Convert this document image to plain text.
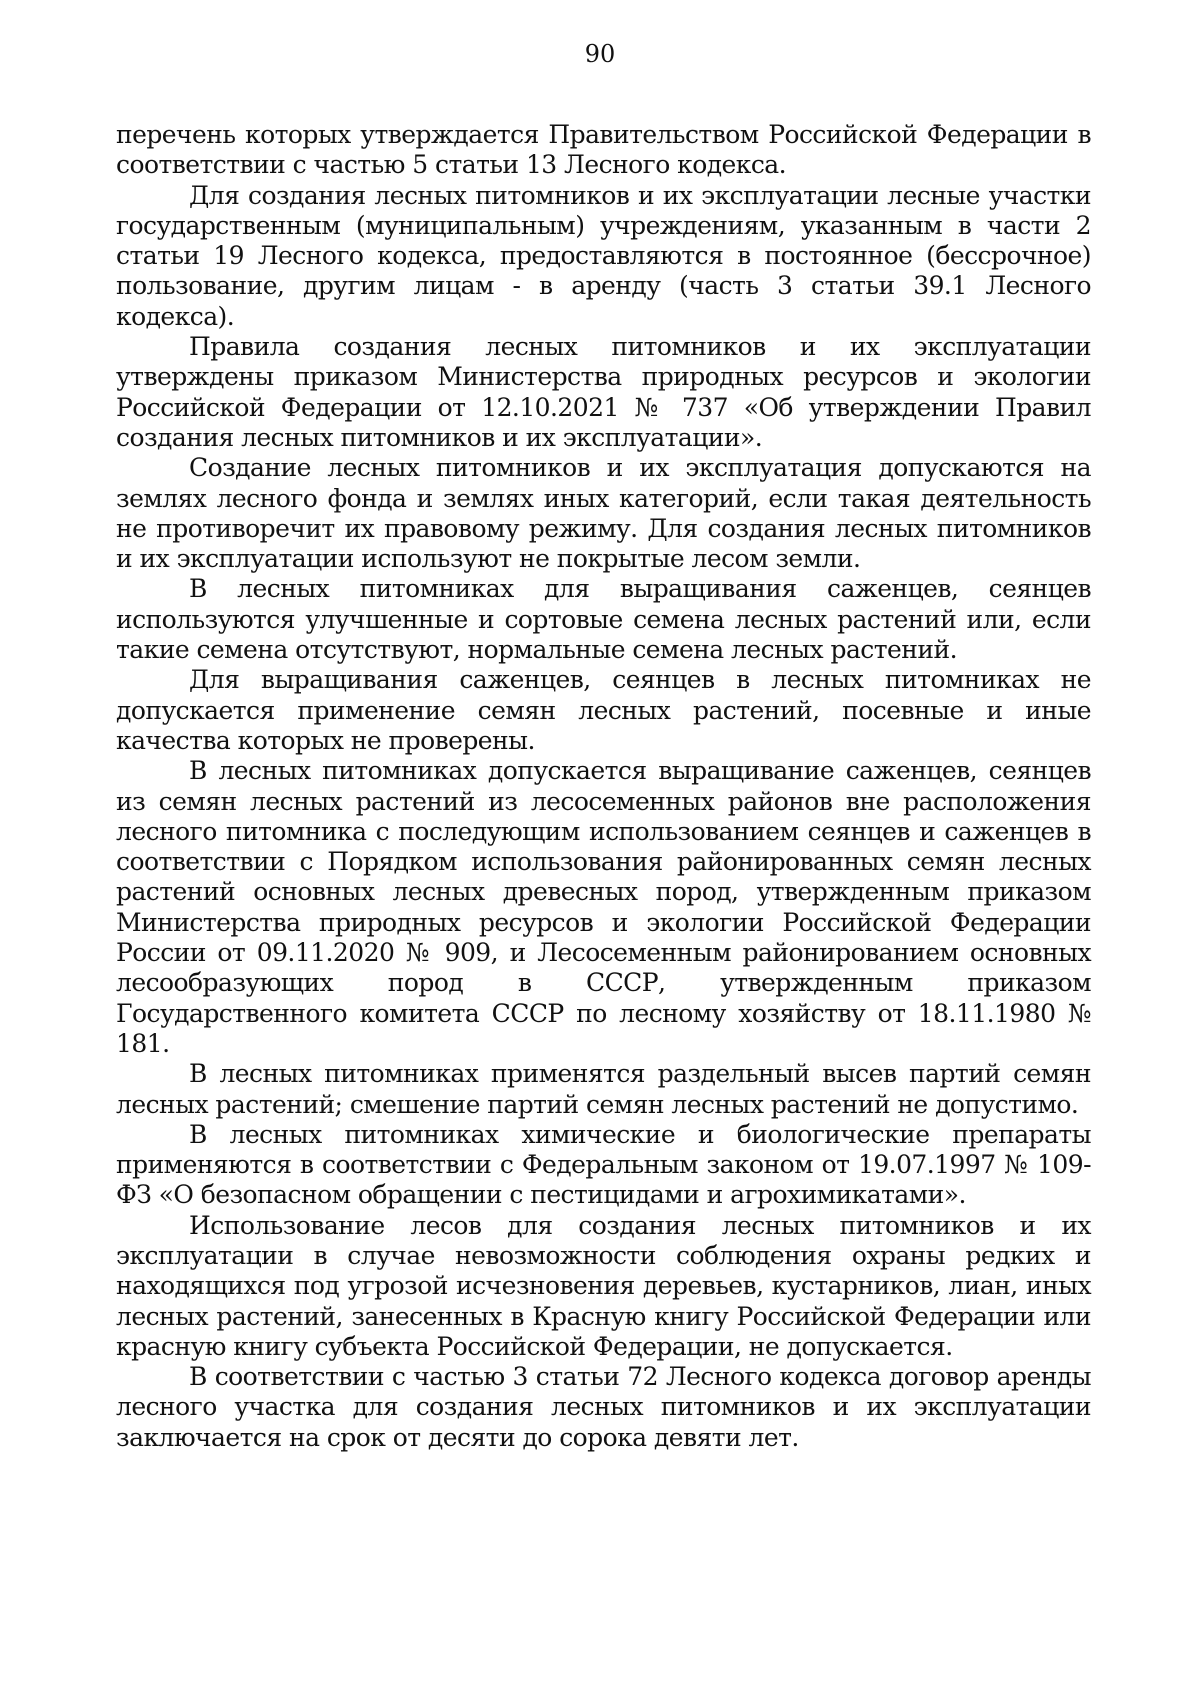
90

перечень которых утверждается Правительством Российской Федерации в соответствии с частью 5 статьи 13 Лесного кодекса.

Для создания лесных питомников и их эксплуатации лесные участки государственным (муниципальным) учреждениям, указанным в части 2 статьи 19 Лесного кодекса, предоставляются в постоянное (бессрочное) пользование, другим лицам - в аренду (часть 3 статьи 39.1 Лесного кодекса).

Правила создания лесных питомников и их эксплуатации утверждены приказом Министерства природных ресурсов и экологии Российской Федерации от 12.10.2021 № 737 «Об утверждении Правил создания лесных питомников и их эксплуатации».

Создание лесных питомников и их эксплуатация допускаются на землях лесного фонда и землях иных категорий, если такая деятельность не противоречит их правовому режиму. Для создания лесных питомников и их эксплуатации используют не покрытые лесом земли.

В лесных питомниках для выращивания саженцев, сеянцев используются улучшенные и сортовые семена лесных растений или, если такие семена отсутствуют, нормальные семена лесных растений.

Для выращивания саженцев, сеянцев в лесных питомниках не допускается применение семян лесных растений, посевные и иные качества которых не проверены.

В лесных питомниках допускается выращивание саженцев, сеянцев из семян лесных растений из лесосеменных районов вне расположения лесного питомника с последующим использованием сеянцев и саженцев в соответствии с Порядком использования районированных семян лесных растений основных лесных древесных пород, утвержденным приказом Министерства природных ресурсов и экологии Российской Федерации России от 09.11.2020 № 909, и Лесосеменным районированием основных лесообразующих пород в СССР, утвержденным приказом Государственного комитета СССР по лесному хозяйству от 18.11.1980 № 181.

В лесных питомниках применятся раздельный высев партий семян лесных растений; смешение партий семян лесных растений не допустимо.

В лесных питомниках химические и биологические препараты применяются в соответствии с Федеральным законом от 19.07.1997 № 109-ФЗ «О безопасном обращении с пестицидами и агрохимикатами».

Использование лесов для создания лесных питомников и их эксплуатации в случае невозможности соблюдения охраны редких и находящихся под угрозой исчезновения деревьев, кустарников, лиан, иных лесных растений, занесенных в Красную книгу Российской Федерации или красную книгу субъекта Российской Федерации, не допускается.

В соответствии с частью 3 статьи 72 Лесного кодекса договор аренды лесного участка для создания лесных питомников и их эксплуатации заключается на срок от десяти до сорока девяти лет.
